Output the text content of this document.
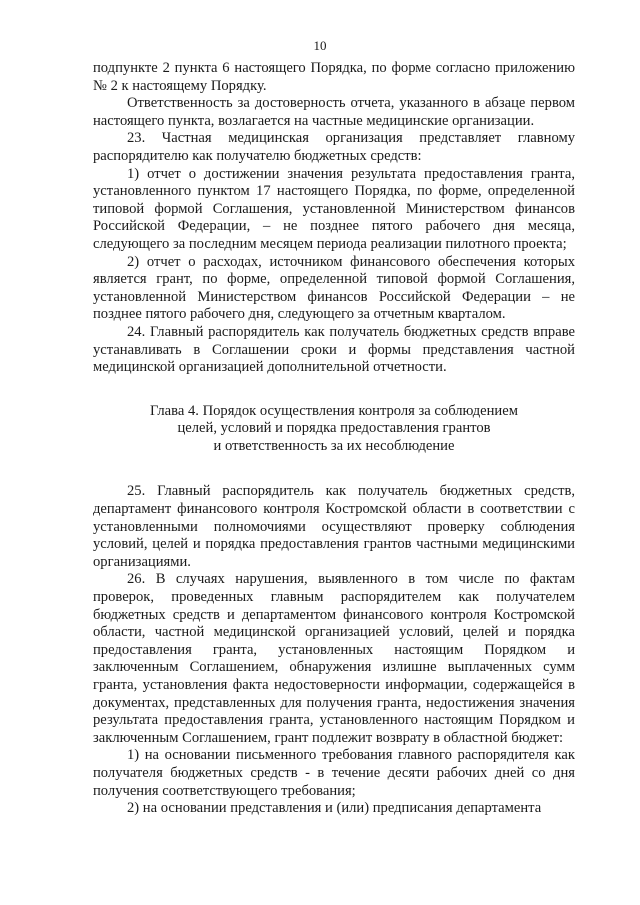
10

подпункте 2 пункта 6 настоящего Порядка, по форме согласно приложению № 2 к настоящему Порядку.

Ответственность за достоверность отчета, указанного в абзаце первом настоящего пункта, возлагается на частные медицинские организации.

23. Частная медицинская организация представляет главному распорядителю как получателю бюджетных средств:

1) отчет о достижении значения результата предоставления гранта, установленного пунктом 17 настоящего Порядка, по форме, определенной типовой формой Соглашения, установленной Министерством финансов Российской Федерации, – не позднее пятого рабочего дня месяца, следующего за последним месяцем периода реализации пилотного проекта;

2) отчет о расходах, источником финансового обеспечения которых является грант, по форме, определенной типовой формой Соглашения, установленной Министерством финансов Российской Федерации – не позднее пятого рабочего дня, следующего за отчетным кварталом.

24. Главный распорядитель как получатель бюджетных средств вправе устанавливать в Соглашении сроки и формы представления частной медицинской организацией дополнительной отчетности.

Глава 4. Порядок осуществления контроля за соблюдением
целей, условий и порядка предоставления грантов
и ответственность за их несоблюдение

25. Главный распорядитель как получатель бюджетных средств, департамент финансового контроля Костромской области в соответствии с установленными полномочиями осуществляют проверку соблюдения условий, целей и порядка предоставления грантов частными медицинскими организациями.

26. В случаях нарушения, выявленного в том числе по фактам проверок, проведенных главным распорядителем как получателем бюджетных средств и департаментом финансового контроля Костромской области, частной медицинской организацией условий, целей и порядка предоставления гранта, установленных настоящим Порядком и заключенным Соглашением, обнаружения излишне выплаченных сумм гранта, установления факта недостоверности информации, содержащейся в документах, представленных для получения гранта, недостижения значения результата предоставления гранта, установленного настоящим Порядком и заключенным Соглашением, грант подлежит возврату в областной бюджет:

1) на основании письменного требования главного распорядителя как получателя бюджетных средств - в течение десяти рабочих дней со дня получения соответствующего требования;

2) на основании представления и (или) предписания департамента
